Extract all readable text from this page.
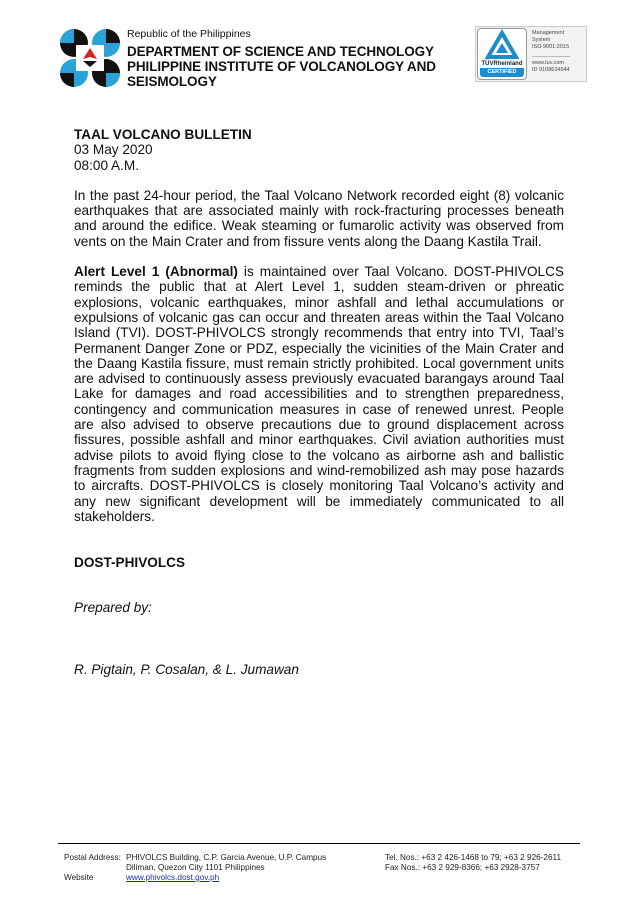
Republic of the Philippines
DEPARTMENT OF SCIENCE AND TECHNOLOGY
PHILIPPINE INSTITUTE OF VOLCANOLOGY AND
SEISMOLOGY
TÜVRheinland
CERTIFIED
Management
System
ISO 9001:2015
www.tuv.com
ID 9108634644
TAAL VOLCANO BULLETIN
03 May 2020
08:00 A.M.
In the past 24-hour period, the Taal Volcano Network recorded eight (8) volcanic earthquakes that are associated mainly with rock-fracturing processes beneath and around the edifice. Weak steaming or fumarolic activity was observed from vents on the Main Crater and from fissure vents along the Daang Kastila Trail.
Alert Level 1 (Abnormal) is maintained over Taal Volcano. DOST-PHIVOLCS reminds the public that at Alert Level 1, sudden steam-driven or phreatic explosions, volcanic earthquakes, minor ashfall and lethal accumulations or expulsions of volcanic gas can occur and threaten areas within the Taal Volcano Island (TVI). DOST-PHIVOLCS strongly recommends that entry into TVI, Taal’s Permanent Danger Zone or PDZ, especially the vicinities of the Main Crater and the Daang Kastila fissure, must remain strictly prohibited. Local government units are advised to continuously assess previously evacuated barangays around Taal Lake for damages and road accessibilities and to strengthen preparedness, contingency and communication measures in case of renewed unrest. People are also advised to observe precautions due to ground displacement across fissures, possible ashfall and minor earthquakes. Civil aviation authorities must advise pilots to avoid flying close to the volcano as airborne ash and ballistic fragments from sudden explosions and wind-remobilized ash may pose hazards to aircrafts. DOST-PHIVOLCS is closely monitoring Taal Volcano’s activity and any new significant development will be immediately communicated to all stakeholders.
DOST-PHIVOLCS
Prepared by:
R. Pigtain, P. Cosalan, & L. Jumawan
Postal Address:	PHIVOLCS Building, C.P. Garcia Avenue, U.P. Campus
	Diliman, Quezon City 1101 Philippines
Website	www.phivolcs.dost.gov.ph
Tel. Nos.: +63 2 426-1468 to 79; +63 2 926-2611
Fax Nos.: +63 2 929-8366; +63 2928-3757
